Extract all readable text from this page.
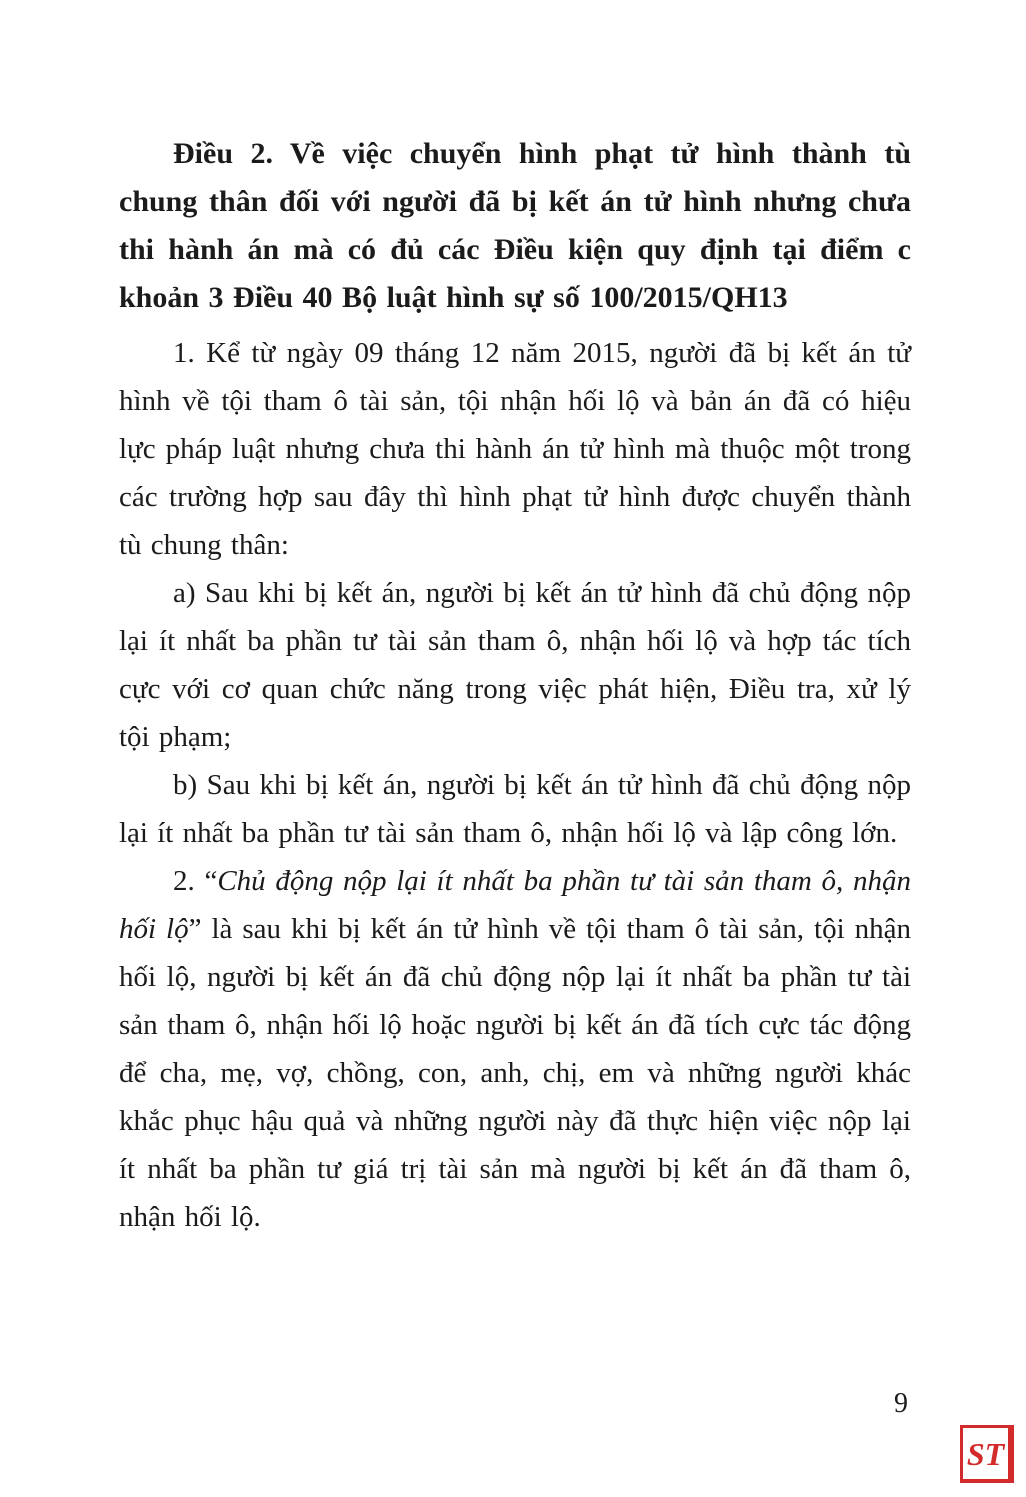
Điều 2. Về việc chuyển hình phạt tử hình thành tù chung thân đối với người đã bị kết án tử hình nhưng chưa thi hành án mà có đủ các Điều kiện quy định tại điểm c khoản 3 Điều 40 Bộ luật hình sự số 100/2015/QH13

1. Kể từ ngày 09 tháng 12 năm 2015, người đã bị kết án tử hình về tội tham ô tài sản, tội nhận hối lộ và bản án đã có hiệu lực pháp luật nhưng chưa thi hành án tử hình mà thuộc một trong các trường hợp sau đây thì hình phạt tử hình được chuyển thành tù chung thân:

a) Sau khi bị kết án, người bị kết án tử hình đã chủ động nộp lại ít nhất ba phần tư tài sản tham ô, nhận hối lộ và hợp tác tích cực với cơ quan chức năng trong việc phát hiện, Điều tra, xử lý tội phạm;

b) Sau khi bị kết án, người bị kết án tử hình đã chủ động nộp lại ít nhất ba phần tư tài sản tham ô, nhận hối lộ và lập công lớn.

2. “Chủ động nộp lại ít nhất ba phần tư tài sản tham ô, nhận hối lộ” là sau khi bị kết án tử hình về tội tham ô tài sản, tội nhận hối lộ, người bị kết án đã chủ động nộp lại ít nhất ba phần tư tài sản tham ô, nhận hối lộ hoặc người bị kết án đã tích cực tác động để cha, mẹ, vợ, chồng, con, anh, chị, em và những người khác khắc phục hậu quả và những người này đã thực hiện việc nộp lại ít nhất ba phần tư giá trị tài sản mà người bị kết án đã tham ô, nhận hối lộ.

9
ST
